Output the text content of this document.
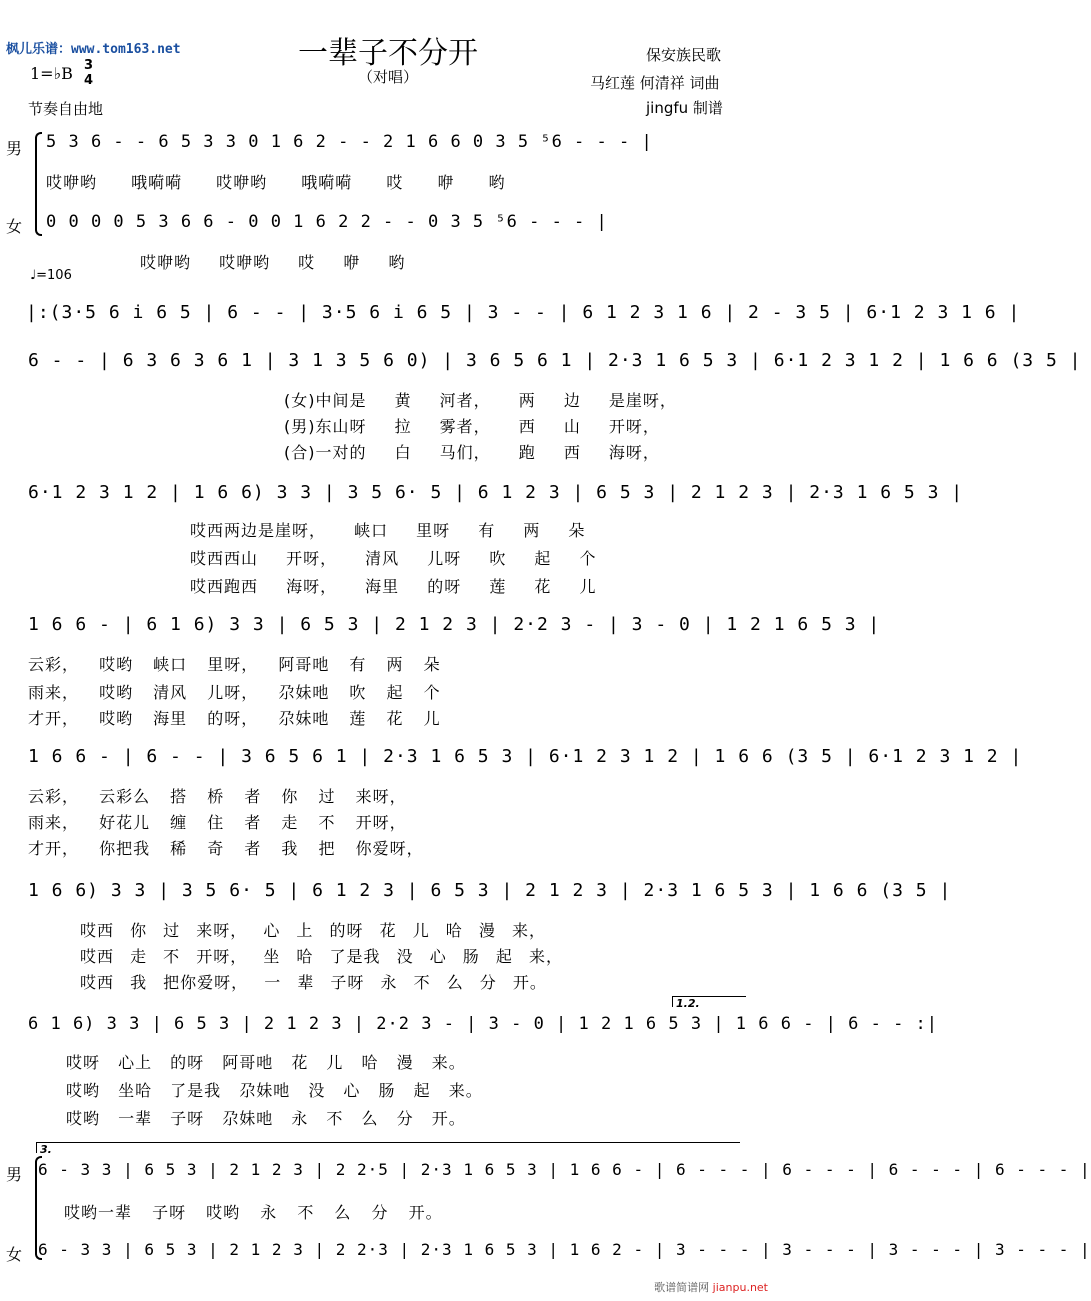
枫儿乐谱：www.tom163.net	一辈子不分开
（对唱）
保安族民歌
马红莲 何清祥 词曲
jingfu 制谱
1=♭B 3
4
节奏自由地
男
女
5 3 6 - - 6 5 3 3 0 1 6 2 - - 2 1 6 6 0 3 5 ⁵6 - - - |
哎咿哟 哦嗬嗬 哎咿哟 哦嗬嗬 哎 咿 哟
0 0 0 0 5 3 6 6 - 0 0 1 6 2 2 - - 0 3 5 ⁵6 - - - |
哎咿哟 哎咿哟 哎 咿 哟
♩=106
|:(3·5 6 i 6 5 | 6 - - | 3·5 6 i 6 5 | 3 - - | 6 1 2 3 1 6 | 2 - 3 5 | 6·1 2 3 1 6 |
6 - - | 6 3 6 3 6 1 | 3 1 3 5 6 0) | 3 6 5 6 1 | 2·3 1 6 5 3 | 6·1 2 3 1 2 | 1 6 6 (3 5 |
(女)中间是 黄 河者， 两 边 是崖呀，
(男)东山呀 拉 雾者， 西 山 开呀，
(合)一对的 白 马们， 跑 西 海呀，
6·1 2 3 1 2 | 1 6 6) 3 3 | 3 5 6· 5 | 6 1 2 3 | 6 5 3 | 2 1 2 3 | 2·3 1 6 5 3 |
哎西两边是崖呀， 峡口 里呀 有 两 朵
哎西西山 开呀， 清风 儿呀 吹 起 个
哎西跑西 海呀， 海里 的呀 莲 花 儿
1 6 6 - | 6 1 6) 3 3 | 6 5 3 | 2 1 2 3 | 2·2 3 - | 3 - 0 | 1 2 1 6 5 3 |
云彩， 哎哟 峡口 里呀， 阿哥吔 有 两 朵
雨来， 哎哟 清风 儿呀， 尕妹吔 吹 起 个
才开， 哎哟 海里 的呀， 尕妹吔 莲 花 儿
1 6 6 - | 6 - - | 3 6 5 6 1 | 2·3 1 6 5 3 | 6·1 2 3 1 2 | 1 6 6 (3 5 | 6·1 2 3 1 2 |
云彩， 云彩么 搭 桥 者 你 过 来呀，
雨来， 好花儿 缠 住 者 走 不 开呀，
才开， 你把我 稀 奇 者 我 把 你爱呀，
1 6 6) 3 3 | 3 5 6· 5 | 6 1 2 3 | 6 5 3 | 2 1 2 3 | 2·3 1 6 5 3 | 1 6 6 (3 5 |
哎西 你 过 来呀， 心 上 的呀 花 儿 哈 漫 来，
哎西 走 不 开呀， 坐 哈 了是我 没 心 肠 起 来，
哎西 我 把你爱呀， 一 辈 子呀 永 不 么 分 开。
1.2.
6 1 6) 3 3 | 6 5 3 | 2 1 2 3 | 2·2 3 - | 3 - 0 | 1 2 1 6 5 3 | 1 6 6 - | 6 - - :|
哎呀 心上 的呀 阿哥吔 花 儿 哈 漫 来。
哎哟 坐哈 了是我 尕妹吔 没 心 肠 起 来。
哎哟 一辈 子呀 尕妹吔 永 不 么 分 开。
3.
男
女
6 - 3 3 | 6 5 3 | 2 1 2 3 | 2 2·5 | 2·3 1 6 5 3 | 1 6 6 - | 6 - - - | 6 - - - | 6 - - - | 6 - - - |
哎哟一辈 子呀 哎哟 永 不 么 分 开。
6 - 3 3 | 6 5 3 | 2 1 2 3 | 2 2·3 | 2·3 1 6 5 3 | 1 6 2 - | 3 - - - | 3 - - - | 3 - - - | 3 - - - |
歌谱简谱网 jianpu.net
